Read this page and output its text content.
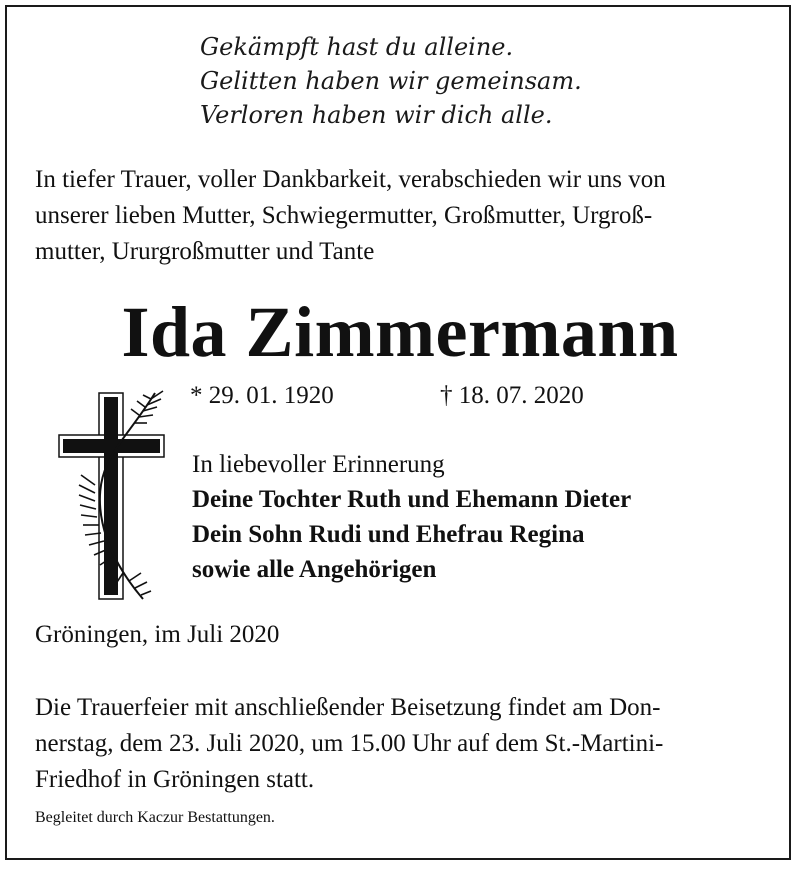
Gekämpft hast du alleine.
Gelitten haben wir gemeinsam.
Verloren haben wir dich alle.
In tiefer Trauer, voller Dankbarkeit, verabschieden wir uns von
unserer lieben Mutter, Schwiegermutter, Großmutter, Urgroß-
mutter, Ururgroßmutter und Tante
Ida Zimmermann
* 29. 01. 1920	† 18. 07. 2020
In liebevoller Erinnerung
Deine Tochter Ruth und Ehemann Dieter
Dein Sohn Rudi und Ehefrau Regina
sowie alle Angehörigen
Gröningen, im Juli 2020
Die Trauerfeier mit anschließender Beisetzung findet am Don-
nerstag, dem 23. Juli 2020, um 15.00 Uhr auf dem St.-Martini-
Friedhof in Gröningen statt.
Begleitet durch Kaczur Bestattungen.
